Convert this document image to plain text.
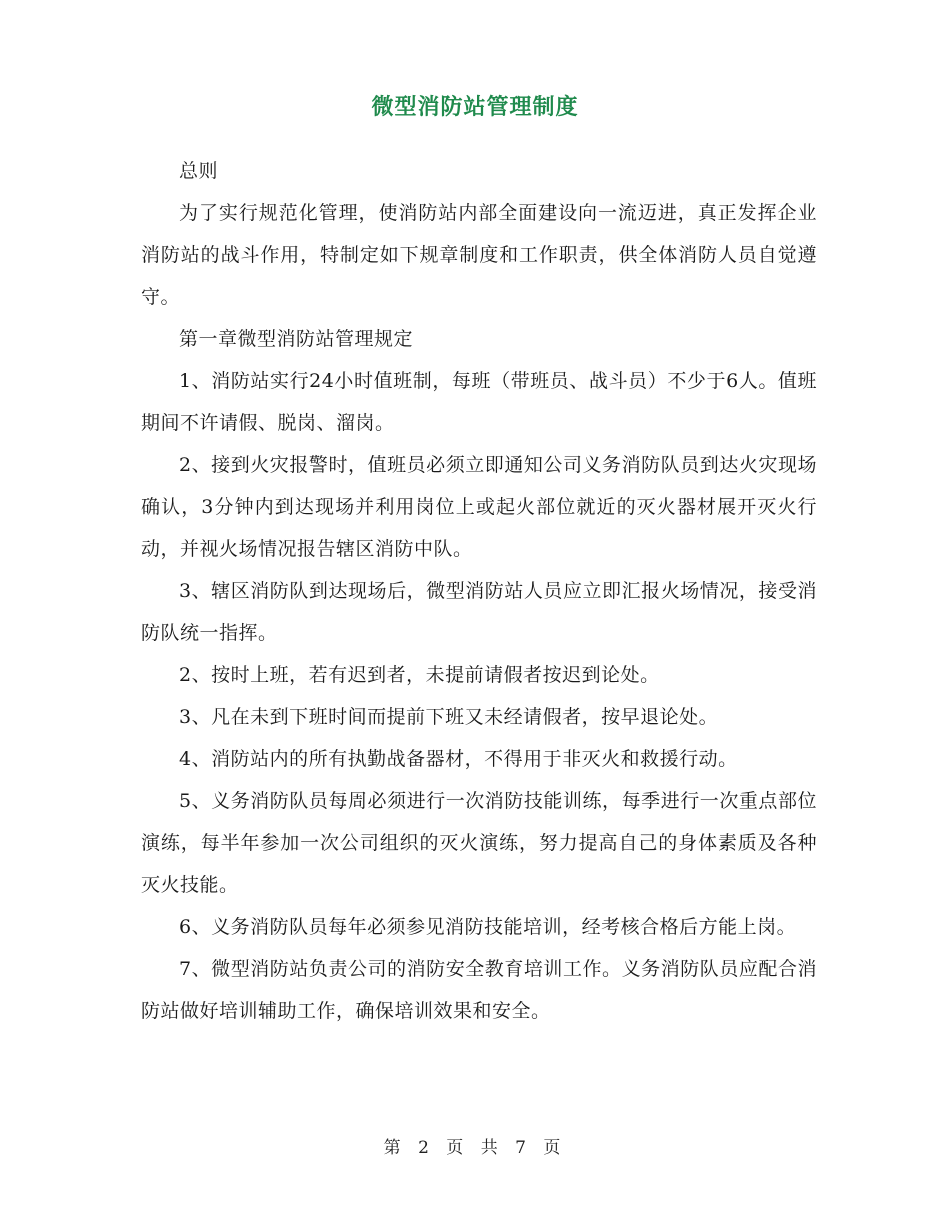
微型消防站管理制度

总则

为了实行规范化管理，使消防站内部全面建设向一流迈进，真正发挥企业消防站的战斗作用，特制定如下规章制度和工作职责，供全体消防人员自觉遵守。

第一章微型消防站管理规定

1、消防站实行24小时值班制，每班（带班员、战斗员）不少于6人。值班期间不许请假、脱岗、溜岗。

2、接到火灾报警时，值班员必须立即通知公司义务消防队员到达火灾现场确认，3分钟内到达现场并利用岗位上或起火部位就近的灭火器材展开灭火行动，并视火场情况报告辖区消防中队。

3、辖区消防队到达现场后，微型消防站人员应立即汇报火场情况，接受消防队统一指挥。

2、按时上班，若有迟到者，未提前请假者按迟到论处。

3、凡在未到下班时间而提前下班又未经请假者，按早退论处。

4、消防站内的所有执勤战备器材，不得用于非灭火和救援行动。

5、义务消防队员每周必须进行一次消防技能训练，每季进行一次重点部位演练，每半年参加一次公司组织的灭火演练，努力提高自己的身体素质及各种灭火技能。

6、义务消防队员每年必须参见消防技能培训，经考核合格后方能上岗。

7、微型消防站负责公司的消防安全教育培训工作。义务消防队员应配合消防站做好培训辅助工作，确保培训效果和安全。

第 2 页 共 7 页
